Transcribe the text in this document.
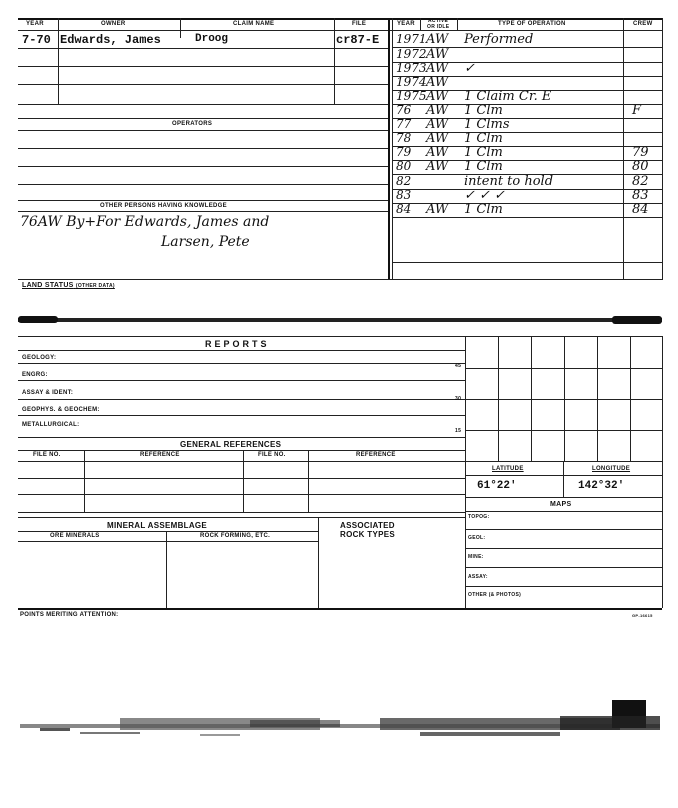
YEAR	OWNER	CLAIM NAME	FILE	YEAR	ACTIVE
OR IDLE	TYPE OF OPERATION	CREW
7-70 Edwards, James	Droog	cr87-E
OPERATORS
OTHER PERSONS HAVING KNOWLEDGE
76AW By+For Edwards, James and
Larsen, Pete
1971 AW Performed
1972 AW
1973 AW ✓
1974 AW
1975 AW 1 Claim Cr. E
76 AW 1 Clm	F
77 AW 1 Clms
78 AW 1 Clm
79 AW 1 Clm	79
80 AW 1 Clm	80
82	intent to hold	82
83	✓ ✓ ✓	83
84 AW 1 Clm	84
LAND STATUS (OTHER DATA)
REPORTS
GEOLOGY:
ENGRG:
ASSAY & IDENT:
GEOPHYS. & GEOCHEM:
METALLURGICAL:
45
30
15
GENERAL REFERENCES
FILE NO.	REFERENCE	FILE NO.	REFERENCE
MINERAL ASSEMBLAGE	ASSOCIATED
ROCK TYPES
ORE MINERALS	ROCK FORMING, ETC.
POINTS MERITING ATTENTION:	GP-16615
LATITUDE	LONGITUDE
61°22'	142°32'
MAPS
TOPOG:
GEOL:
MINE:
ASSAY:
OTHER (& PHOTOS)
